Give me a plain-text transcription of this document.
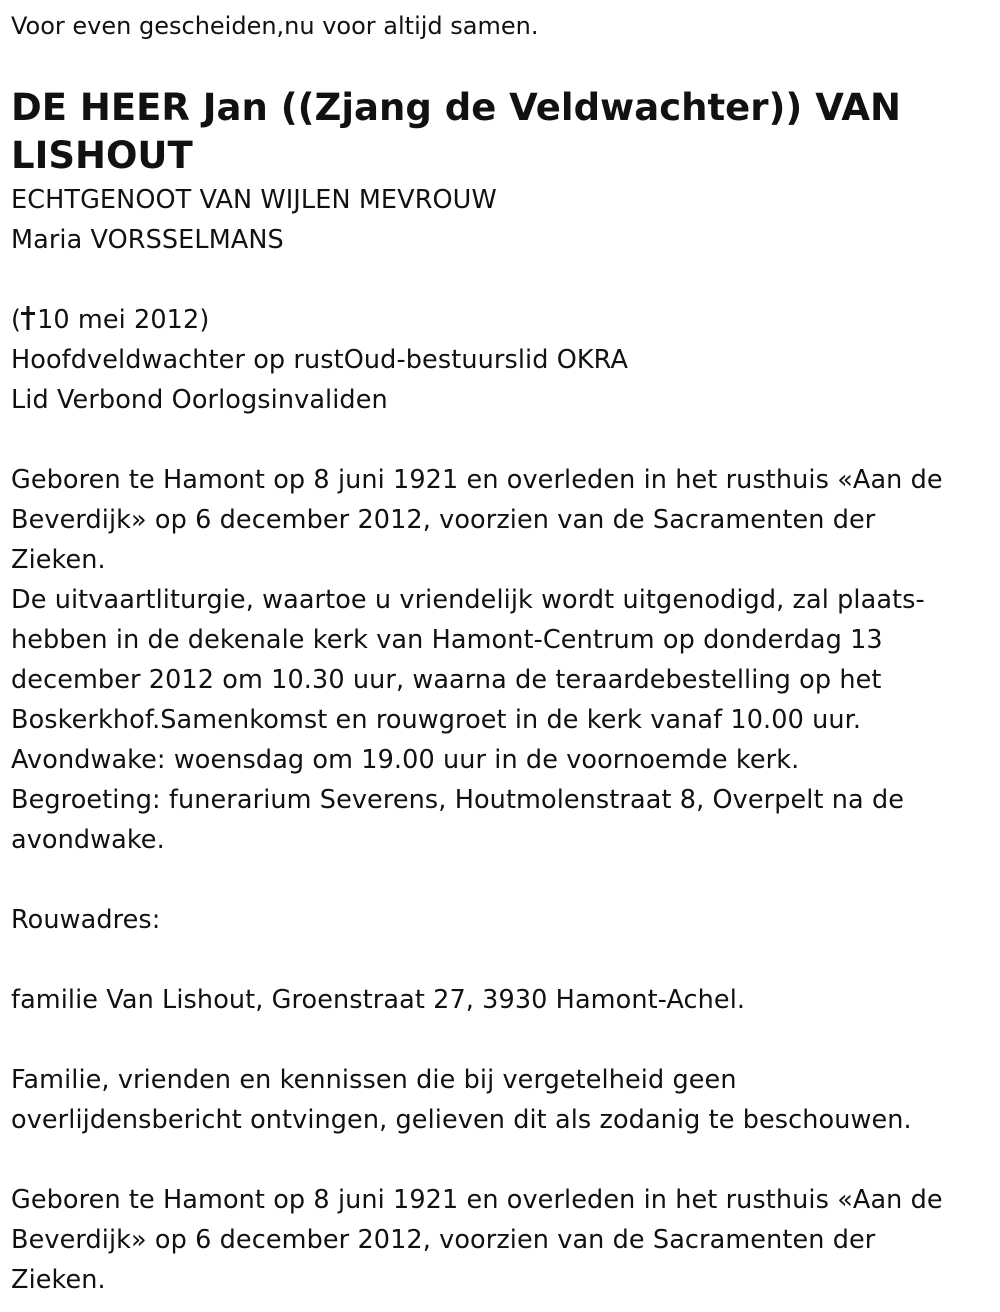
Voor even gescheiden,nu voor altijd samen.
DE HEER Jan ((Zjang de Veldwachter)) VAN
LISHOUT
ECHTGENOOT VAN WIJLEN MEVROUW
Maria VORSSELMANS
( 10 mei 2012)
Hoofdveldwachter op rustOud-bestuurslid OKRA
Lid Verbond Oorlogsinvaliden
Geboren te Hamont op 8 juni 1921 en overleden in het rusthuis «Aan de
Beverdijk» op 6 december 2012, voorzien van de Sacramenten der
Zieken.
De uitvaartliturgie, waartoe u vriendelijk wordt uitgenodigd, zal plaats-
hebben in de dekenale kerk van Hamont-Centrum op donderdag 13
december 2012 om 10.30 uur, waarna de teraardebestelling op het
Boskerkhof.Samenkomst en rouwgroet in de kerk vanaf 10.00 uur.
Avondwake: woensdag om 19.00 uur in de voornoemde kerk.
Begroeting: funerarium Severens, Houtmolenstraat 8, Overpelt na de
avondwake.
Rouwadres:
familie Van Lishout, Groenstraat 27, 3930 Hamont-Achel.
Familie, vrienden en kennissen die bij vergetelheid geen
overlijdensbericht ontvingen, gelieven dit als zodanig te beschouwen.
Geboren te Hamont op 8 juni 1921 en overleden in het rusthuis «Aan de
Beverdijk» op 6 december 2012, voorzien van de Sacramenten der
Zieken.
